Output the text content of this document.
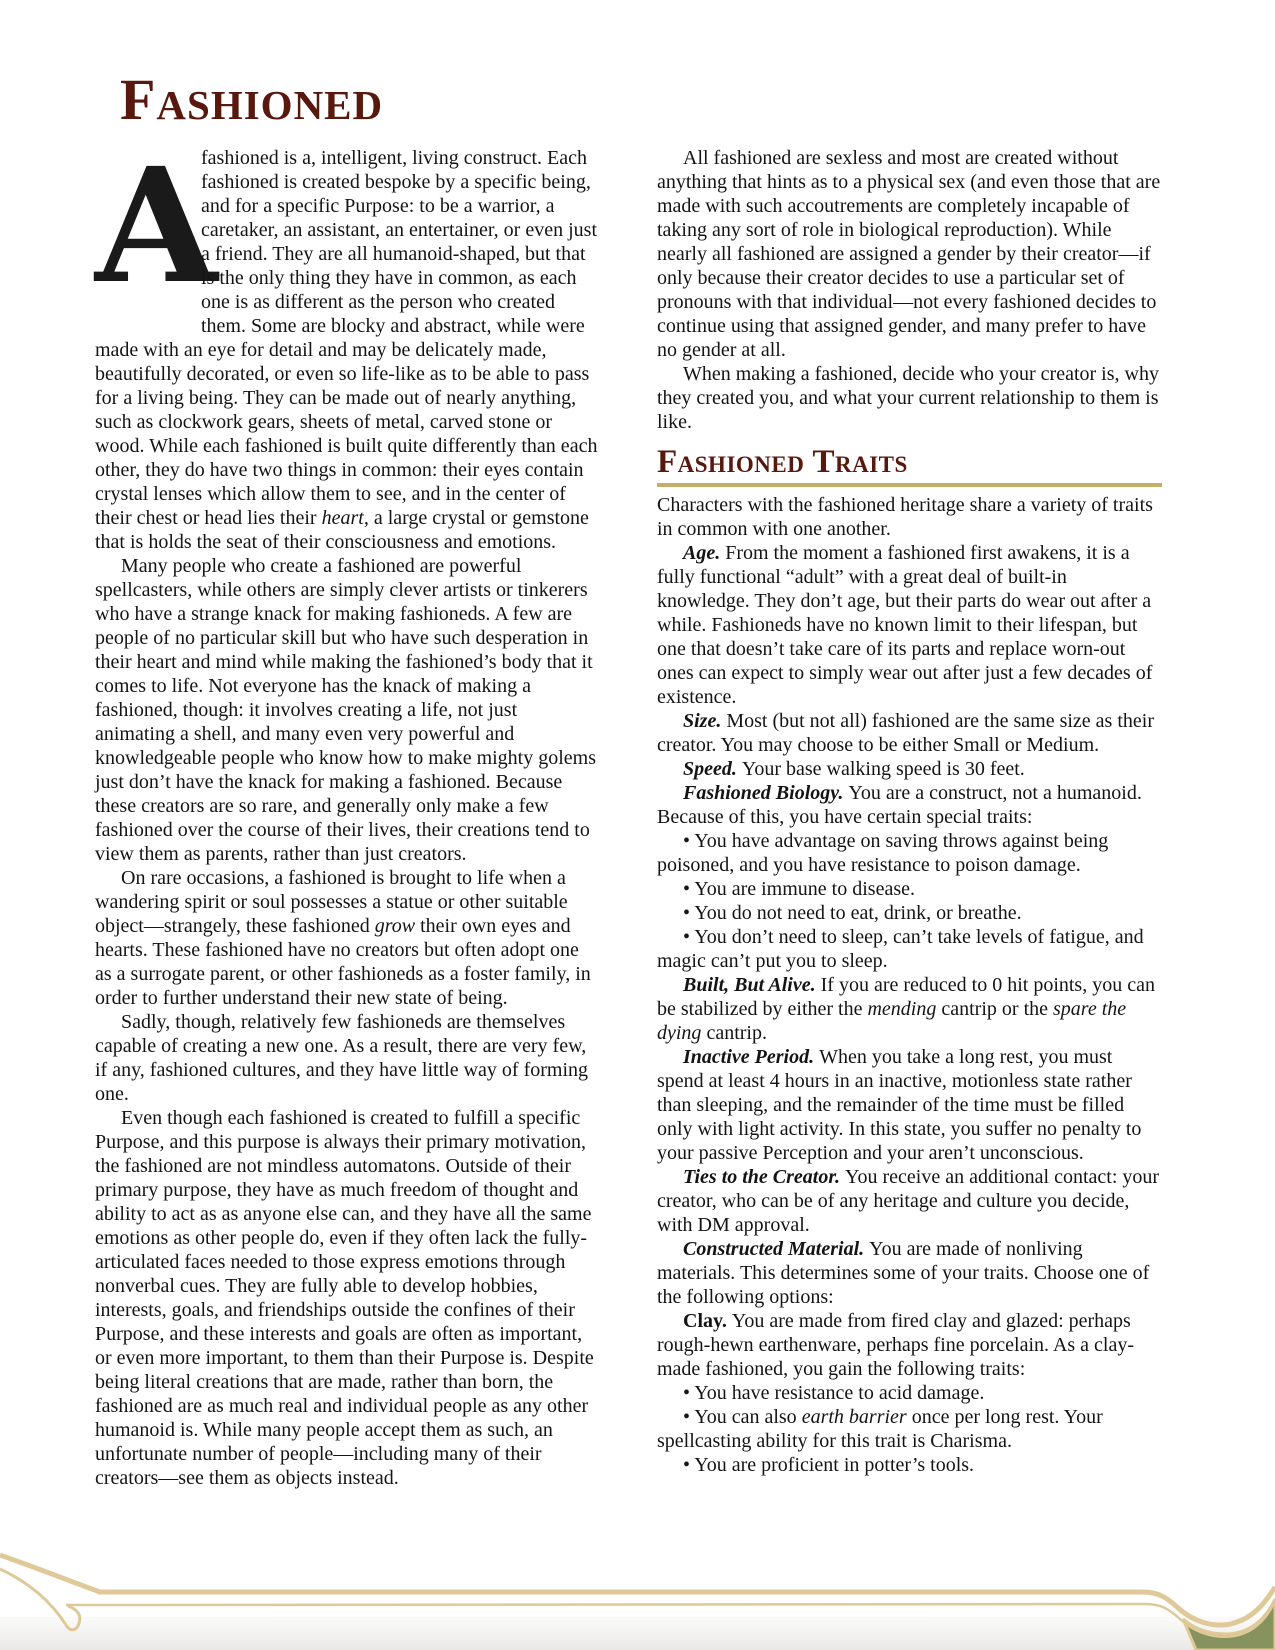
Fashioned

A
fashioned is a, intelligent, living construct. Each fashioned is created bespoke by a specific being, and for a specific Purpose: to be a warrior, a caretaker, an assistant, an entertainer, or even just a friend. They are all humanoid-shaped, but that is the only thing they have in common, as each one is as different as the person who created them. Some are blocky and abstract, while were made with an eye for detail and may be delicately made, beautifully decorated, or even so life-like as to be able to pass for a living being. They can be made out of nearly anything, such as clockwork gears, sheets of metal, carved stone or wood. While each fashioned is built quite differently than each other, they do have two things in common: their eyes contain crystal lenses which allow them to see, and in the center of their chest or head lies their heart, a large crystal or gemstone that is holds the seat of their consciousness and emotions.

Many people who create a fashioned are powerful spellcasters, while others are simply clever artists or tinkerers who have a strange knack for making fashioneds. A few are people of no particular skill but who have such desperation in their heart and mind while making the fashioned’s body that it comes to life. Not everyone has the knack of making a fashioned, though: it involves creating a life, not just animating a shell, and many even very powerful and knowledgeable people who know how to make mighty golems just don’t have the knack for making a fashioned. Because these creators are so rare, and generally only make a few fashioned over the course of their lives, their creations tend to view them as parents, rather than just creators.

On rare occasions, a fashioned is brought to life when a wandering spirit or soul possesses a statue or other suitable object—strangely, these fashioned grow their own eyes and hearts. These fashioned have no creators but often adopt one as a surrogate parent, or other fashioneds as a foster family, in order to further understand their new state of being.

Sadly, though, relatively few fashioneds are themselves capable of creating a new one. As a result, there are very few, if any, fashioned cultures, and they have little way of forming one.

Even though each fashioned is created to fulfill a specific Purpose, and this purpose is always their primary motivation, the fashioned are not mindless automatons. Outside of their primary purpose, they have as much freedom of thought and ability to act as as anyone else can, and they have all the same emotions as other people do, even if they often lack the fully-articulated faces needed to those express emotions through nonverbal cues. They are fully able to develop hobbies, interests, goals, and friendships outside the confines of their Purpose, and these interests and goals are often as important, or even more important, to them than their Purpose is. Despite being literal creations that are made, rather than born, the fashioned are as much real and individual people as any other humanoid is. While many people accept them as such, an unfortunate number of people—including many of their creators—see them as objects instead.

All fashioned are sexless and most are created without anything that hints as to a physical sex (and even those that are made with such accoutrements are completely incapable of taking any sort of role in biological reproduction). While nearly all fashioned are assigned a gender by their creator—if only because their creator decides to use a particular set of pronouns with that individual—not every fashioned decides to continue using that assigned gender, and many prefer to have no gender at all.

When making a fashioned, decide who your creator is, why they created you, and what your current relationship to them is like.

Fashioned Traits

Characters with the fashioned heritage share a variety of traits in common with one another.

Age. From the moment a fashioned first awakens, it is a fully functional “adult” with a great deal of built-in knowledge. They don’t age, but their parts do wear out after a while. Fashioneds have no known limit to their lifespan, but one that doesn’t take care of its parts and replace worn-out ones can expect to simply wear out after just a few decades of existence.

Size. Most (but not all) fashioned are the same size as their creator. You may choose to be either Small or Medium.

Speed. Your base walking speed is 30 feet.

Fashioned Biology. You are a construct, not a humanoid. Because of this, you have certain special traits:

• You have advantage on saving throws against being poisoned, and you have resistance to poison damage.

• You are immune to disease.

• You do not need to eat, drink, or breathe.

• You don’t need to sleep, can’t take levels of fatigue, and magic can’t put you to sleep.

Built, But Alive. If you are reduced to 0 hit points, you can be stabilized by either the mending cantrip or the spare the dying cantrip.

Inactive Period. When you take a long rest, you must spend at least 4 hours in an inactive, motionless state rather than sleeping, and the remainder of the time must be filled only with light activity. In this state, you suffer no penalty to your passive Perception and your aren’t unconscious.

Ties to the Creator. You receive an additional contact: your creator, who can be of any heritage and culture you decide, with DM approval.

Constructed Material. You are made of nonliving materials. This determines some of your traits. Choose one of the following options:

Clay. You are made from fired clay and glazed: perhaps rough-hewn earthenware, perhaps fine porcelain. As a clay-made fashioned, you gain the following traits:

• You have resistance to acid damage.

• You can also earth barrier once per long rest. Your spellcasting ability for this trait is Charisma.

• You are proficient in potter’s tools.
